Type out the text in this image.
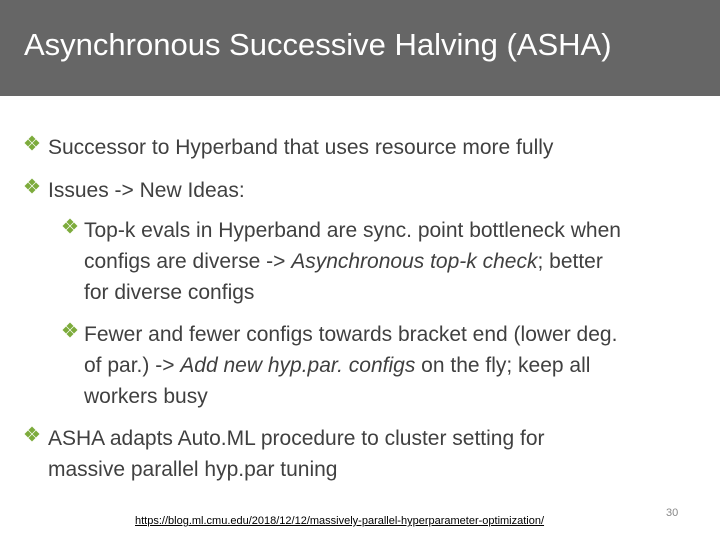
Asynchronous Successive Halving (ASHA)
Successor to Hyperband that uses resource more fully
Issues -> New Ideas:
Top-k evals in Hyperband are sync. point bottleneck when
configs are diverse -> Asynchronous top-k check; better
for diverse configs
Fewer and fewer configs towards bracket end (lower deg.
of par.) -> Add new hyp.par. configs on the fly; keep all
workers busy
ASHA adapts Auto.ML procedure to cluster setting for
massive parallel hyp.par tuning
https://blog.ml.cmu.edu/2018/12/12/massively-parallel-hyperparameter-optimization/
30
